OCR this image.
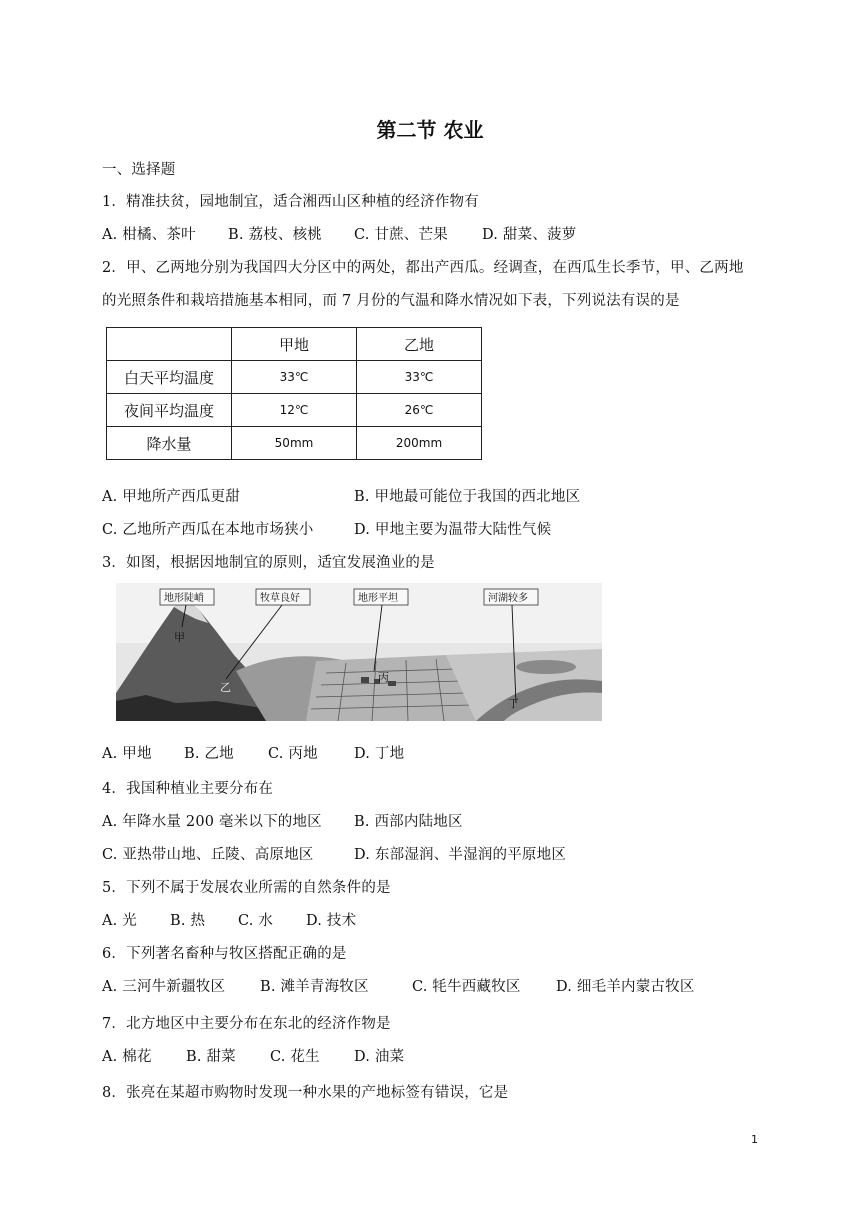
第二节 农业
一、选择题
1．精准扶贫，园地制宜，适合湘西山区种植的经济作物有
A. 柑橘、茶叶 B. 荔枝、核桃 C. 甘蔗、芒果 D. 甜菜、菠萝
2．甲、乙两地分别为我国四大分区中的两处，都出产西瓜。经调查，在西瓜生长季节，甲、乙两地
的光照条件和栽培措施基本相同，而 7 月份的气温和降水情况如下表，下列说法有误的是
	甲地	乙地
白天平均温度	33℃	33℃
夜间平均温度	12℃	26℃
降水量	50mm	200mm
A. 甲地所产西瓜更甜	B. 甲地最可能位于我国的西北地区
C. 乙地所产西瓜在本地市场狭小	D. 甲地主要为温带大陆性气候
3．如图，根据因地制宜的原则，适宜发展渔业的是
地形陡峭	牧草良好	地形平坦	河湖较多
甲
乙
丙
丁
A. 甲地 B. 乙地 C. 丙地 D. 丁地
4．我国种植业主要分布在
A. 年降水量 200 毫米以下的地区 B. 西部内陆地区
C. 亚热带山地、丘陵、高原地区	D. 东部湿润、半湿润的平原地区
5．下列不属于发展农业所需的自然条件的是
A. 光 B. 热 C. 水 D. 技术
6．下列著名畜种与牧区搭配正确的是
A. 三河牛新疆牧区 B. 滩羊青海牧区	C. 牦牛西藏牧区 D. 细毛羊内蒙古牧区
7．北方地区中主要分布在东北的经济作物是
A. 棉花 B. 甜菜 C. 花生 D. 油菜
8．张亮在某超市购物时发现一种水果的产地标签有错误，它是
1
